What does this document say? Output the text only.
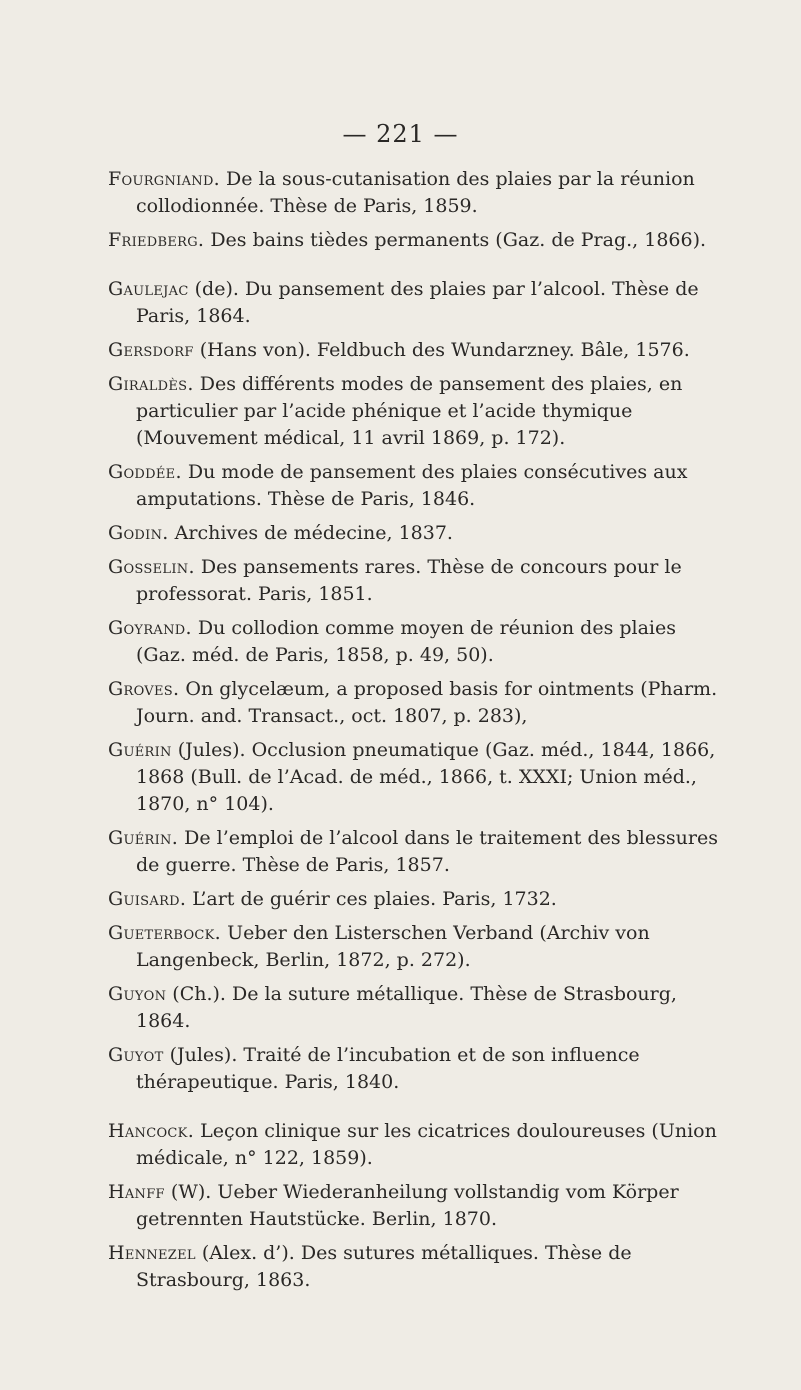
— 221 —

Fourgniand. De la sous-cutanisation des plaies par la réunion collodionnée. Thèse de Paris, 1859.

Friedberg. Des bains tièdes permanents (Gaz. de Prag., 1866).

Gaulejac (de). Du pansement des plaies par l’alcool. Thèse de Paris, 1864.

Gersdorf (Hans von). Feldbuch des Wundarzney. Bâle, 1576.

Giraldès. Des différents modes de pansement des plaies, en particulier par l’acide phénique et l’acide thymique (Mouvement médical, 11 avril 1869, p. 172).

Goddée. Du mode de pansement des plaies consécutives aux amputations. Thèse de Paris, 1846.

Godin. Archives de médecine, 1837.

Gosselin. Des pansements rares. Thèse de concours pour le professorat. Paris, 1851.

Goyrand. Du collodion comme moyen de réunion des plaies (Gaz. méd. de Paris, 1858, p. 49, 50).

Groves. On glycelæum, a proposed basis for ointments (Pharm. Journ. and. Transact., oct. 1807, p. 283),

Guérin (Jules). Occlusion pneumatique (Gaz. méd., 1844, 1866, 1868 (Bull. de l’Acad. de méd., 1866, t. XXXI; Union méd., 1870, n° 104).

Guérin. De l’emploi de l’alcool dans le traitement des blessures de guerre. Thèse de Paris, 1857.

Guisard. L’art de guérir ces plaies. Paris, 1732.

Gueterbock. Ueber den Listerschen Verband (Archiv von Langenbeck, Berlin, 1872, p. 272).

Guyon (Ch.). De la suture métallique. Thèse de Strasbourg, 1864.

Guyot (Jules). Traité de l’incubation et de son influence thérapeutique. Paris, 1840.

Hancock. Leçon clinique sur les cicatrices douloureuses (Union médicale, n° 122, 1859).

Hanff (W). Ueber Wiederanheilung vollstandig vom Körper getrennten Hautstücke. Berlin, 1870.

Hennezel (Alex. d’). Des sutures métalliques. Thèse de Strasbourg, 1863.
